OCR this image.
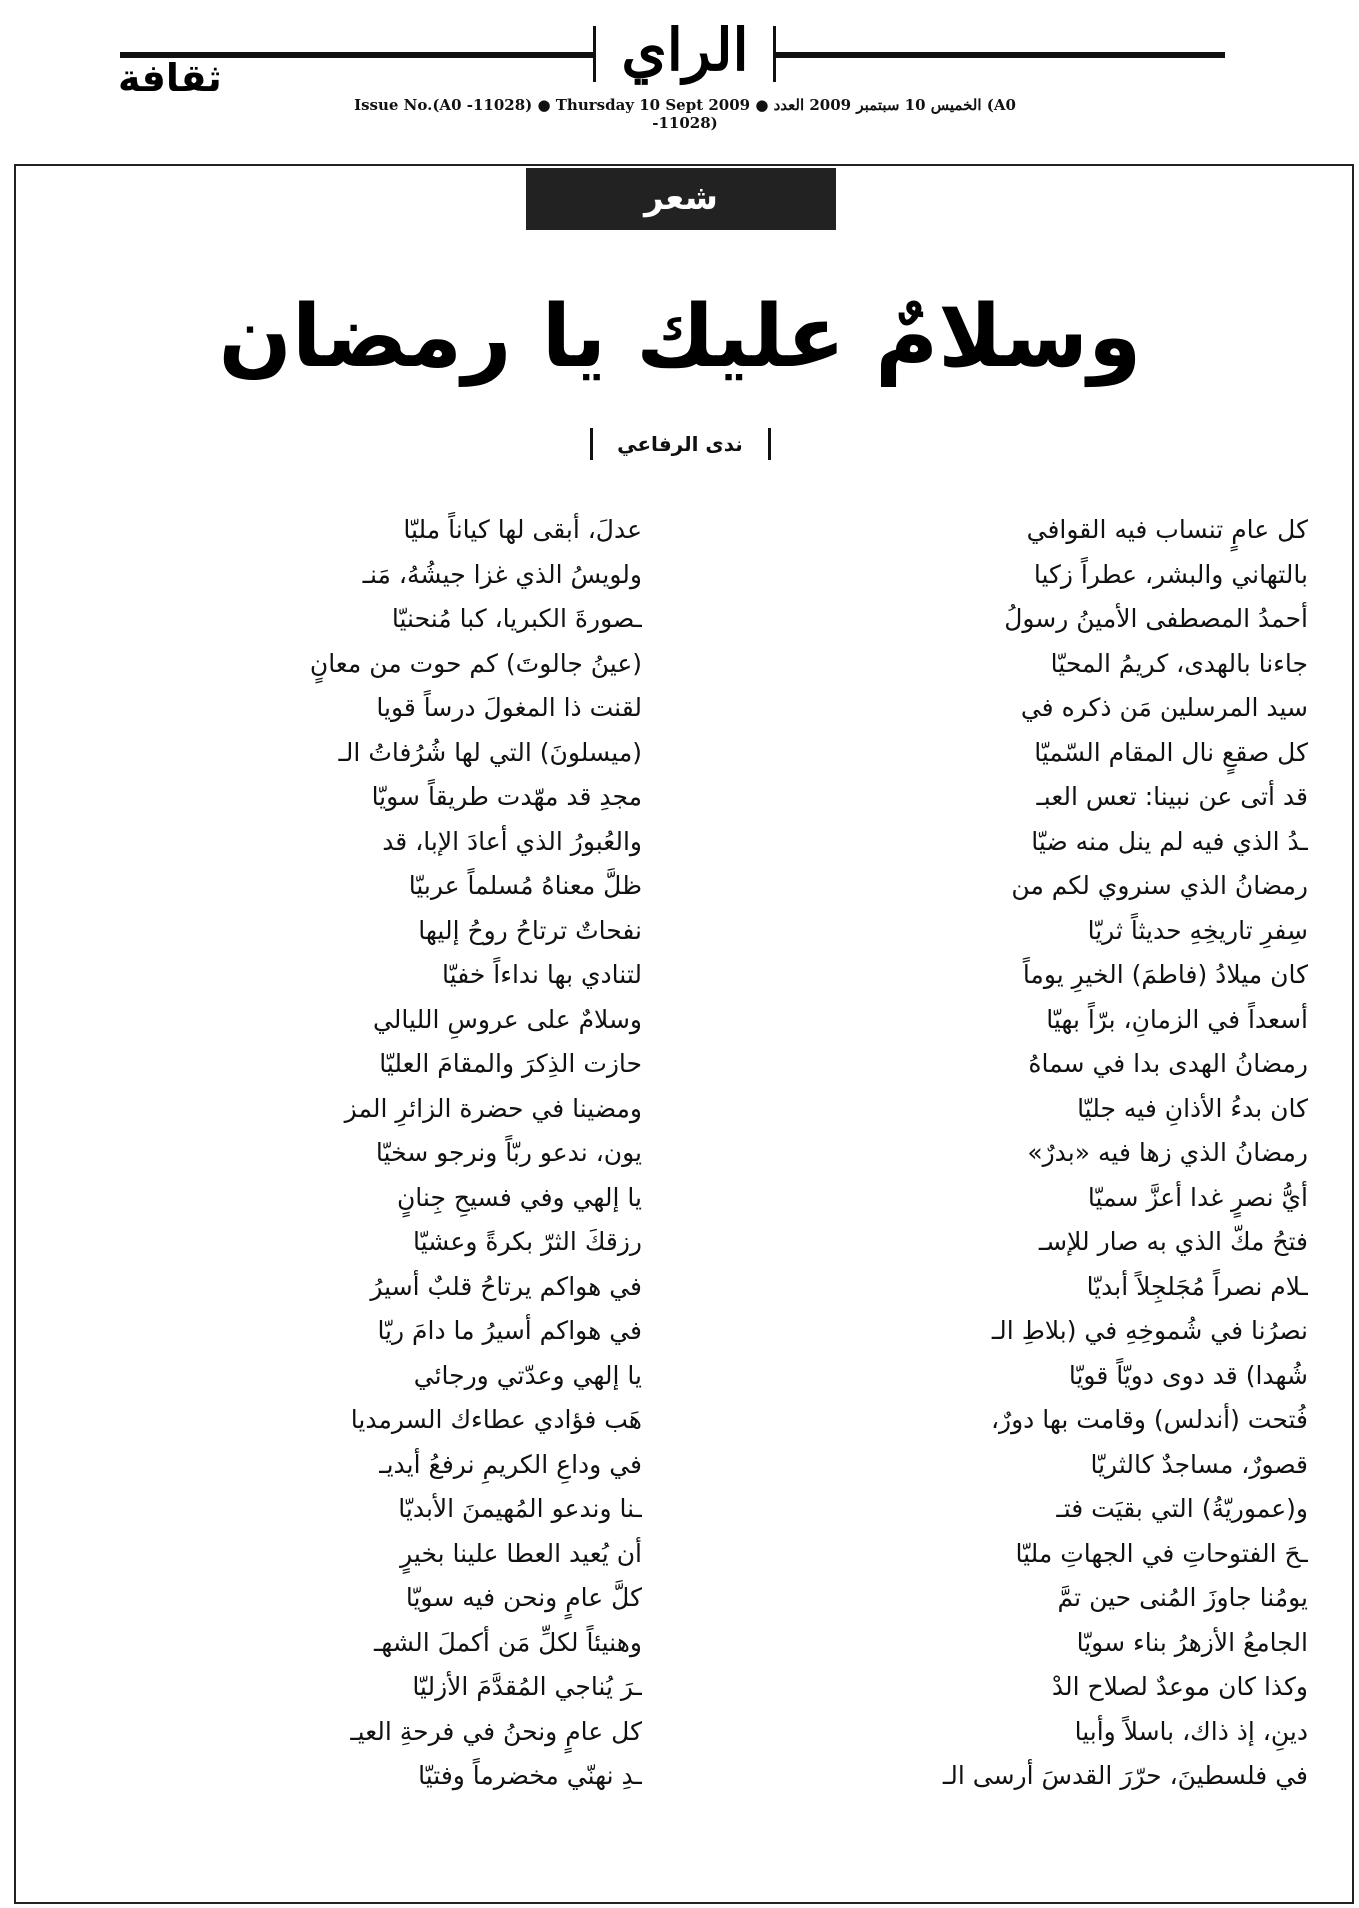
الراي
ثقافة
Issue No.(A0 -11028) ● Thursday 10 Sept 2009 ● الخميس 10 سبتمبر 2009 العدد (A0 -11028)
شعر
وسلامٌ عليك يا رمضان
ندى الرفاعي
كل عامٍ تنساب فيه القوافي
بالتهاني والبشر، عطراً زكيا
أحمدُ المصطفى الأمينُ رسولُ
جاءنا بالهدى، كريمُ المحيّا
سيد المرسلين مَن ذكره في
كل صقعٍ نال المقام السّميّا
قد أتى عن نبينا: تعس العبـ
ـدُ الذي فيه لم ينل منه ضيّا
رمضانُ الذي سنروي لكم من
سِفرِ تاريخِهِ حديثاً ثريّا
كان ميلادُ (فاطمَ) الخيرِ يوماً
أسعداً في الزمانِ، برّاً بهيّا
رمضانُ الهدى بدا في سماهُ
كان بدءُ الأذانِ فيه جليّا
رمضانُ الذي زها فيه «بدرٌ»
أيُّ نصرٍ غدا أعزَّ سميّا
فتحُ مكّ الذي به صار للإسـ
ـلام نصراً مُجَلجِلاً أبديّا
نصرُنا في شُموخِهِ في (بلاطِ الـ
شُهدا) قد دوى دويّاً قويّا
فُتحت (أندلس) وقامت بها دورٌ،
قصورٌ، مساجدٌ كالثريّا
و(عموريّةُ) التي بقيَت فتـ
ـحَ الفتوحاتِ في الجهاتِ مليّا
يومُنا جاوزَ المُنى حين تمَّ
الجامعُ الأزهرُ بناء سويّا
وكذا كان موعدٌ لصلاح الدْ
دينِ، إذ ذاك، باسلاً وأبيا
في فلسطينَ، حرّرَ القدسَ أرسى الـ
عدلَ، أبقى لها كياناً مليّا
ولويسُ الذي غزا جيشُهُ، مَنـ
ـصورةَ الكبريا، كبا مُنحنيّا
(عينُ جالوتَ) كم حوت من معانٍ
لقنت ذا المغولَ درساً قويا
(ميسلونَ) التي لها شُرُفاتُ الـ
مجدِ قد مهّدت طريقاً سويّا
والعُبورُ الذي أعادَ الإبا، قد
ظلَّ معناهُ مُسلماً عربيّا
نفحاتٌ ترتاحُ روحُ إليها
لتنادي بها نداءاً خفيّا
وسلامٌ على عروسِ الليالي
حازت الذِكرَ والمقامَ العليّا
ومضينا في حضرة الزائرِ المز
يون، ندعو ربّاً ونرجو سخيّا
يا إلهي وفي فسيحِ جِنانٍ
رزقكَ الثرّ بكرةً وعشيّا
في هواكم يرتاحُ قلبٌ أسيرُ
في هواكم أسيرُ ما دامَ ريّا
يا إلهي وعدّتي ورجائي
هَب فؤادي عطاءك السرمديا
في وداعِ الكريمِ نرفعُ أيديـ
ـنا وندعو المُهيمنَ الأبديّا
أن يُعيد العطا علينا بخيرٍ
كلَّ عامٍ ونحن فيه سويّا
وهنيئاً لكلِّ مَن أكملَ الشهـ
ـرَ يُناجي المُقدَّمَ الأزليّا
كل عامٍ ونحنُ في فرحةِ العيـ
ـدِ نهنّي مخضرماً وفتيّا
